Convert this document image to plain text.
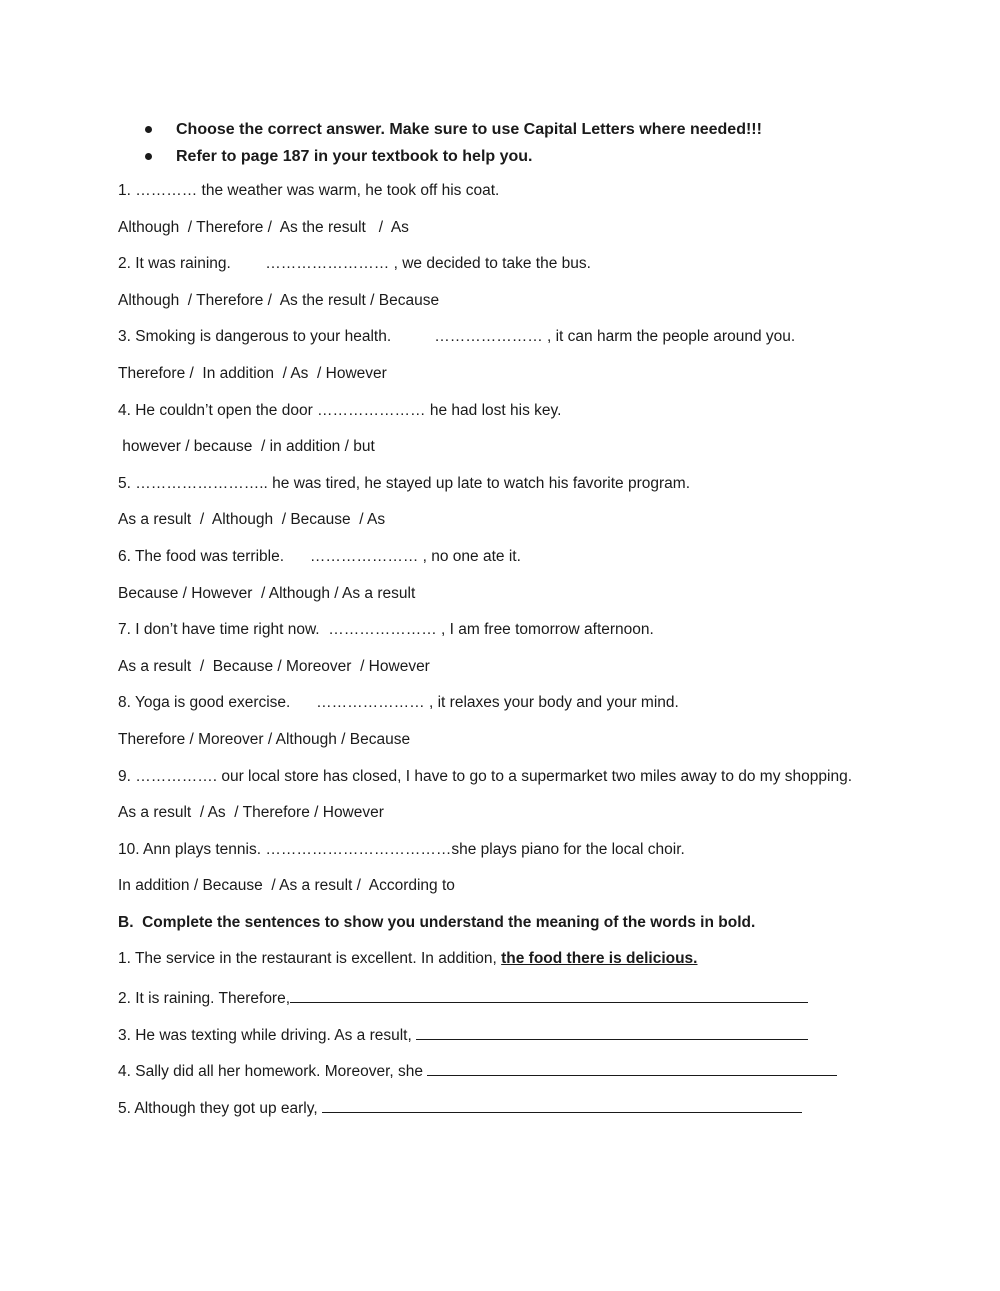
Choose the correct answer. Make sure to use Capital Letters where needed!!!
Refer to page 187 in your textbook to help you.
1. ………… the weather was warm, he took off his coat.
Although  / Therefore /  As the result   /  As
2. It was raining.        …………………… , we decided to take the bus.
Although  / Therefore /  As the result / Because
3. Smoking is dangerous to your health.          ………………… , it can harm the people around you.
Therefore /  In addition  / As  / However
4. He couldn’t open the door ………………… he had lost his key.
however / because  / in addition / but
5. …………………….. he was tired, he stayed up late to watch his favorite program.
As a result  /  Although  / Because  / As
6. The food was terrible.      ………………… , no one ate it.
Because / However  / Although / As a result
7. I don’t have time right now.  ………………… , I am free tomorrow afternoon.
As a result  /  Because / Moreover  / However
8. Yoga is good exercise.      ………………… , it relaxes your body and your mind.
Therefore / Moreover / Although / Because
9. ……………. our local store has closed, I have to go to a supermarket two miles away to do my shopping.
As a result  / As  / Therefore / However
10. Ann plays tennis. ………………………………she plays piano for the local choir.
In addition / Because  / As a result /  According to
B.  Complete the sentences to show you understand the meaning of the words in bold.
1. The service in the restaurant is excellent. In addition, the food there is delicious.
2. It is raining. Therefore,
3. He was texting while driving. As a result,
4. Sally did all her homework. Moreover, she
5. Although they got up early,
